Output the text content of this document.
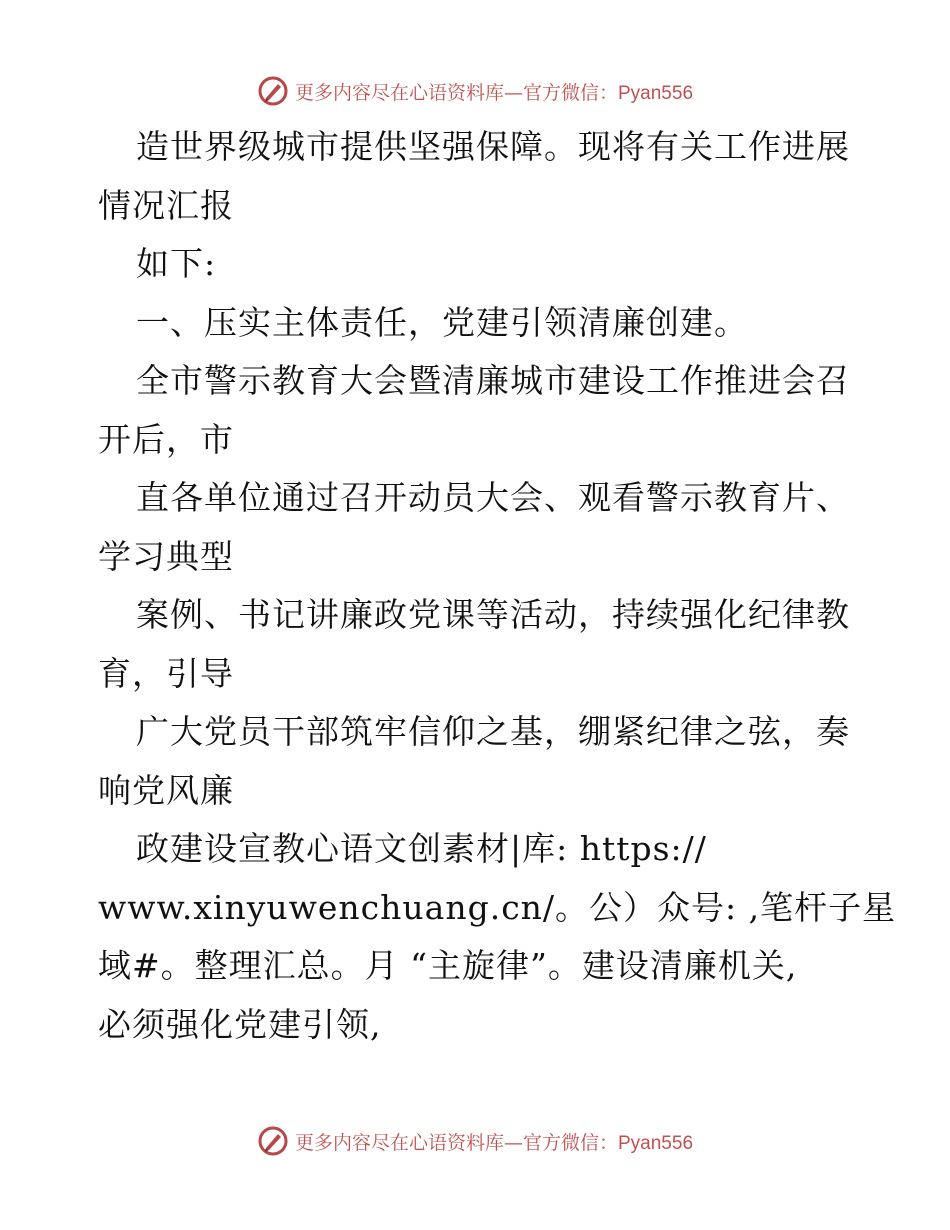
更多内容尽在心语资料库—官方微信：Pyan556
造世界级城市提供坚强保障。现将有关工作进展
情况汇报
如下:
一、压实主体责任，党建引领清廉创建。
全市警示教育大会暨清廉城市建设工作推进会召
开后，市
直各单位通过召开动员大会、观看警示教育片、
学习典型
案例、书记讲廉政党课等活动，持续强化纪律教
育，引导
广大党员干部筑牢信仰之基，绷紧纪律之弦，奏
响党风廉
政建设宣教心语文创素材|库: https://
www.xinyuwenchuang.cn/。公）众号: ,笔杆子星
域#。整理汇总。月 “主旋律”。建设清廉机关,
必须强化党建引领,
更多内容尽在心语资料库—官方微信：Pyan556
